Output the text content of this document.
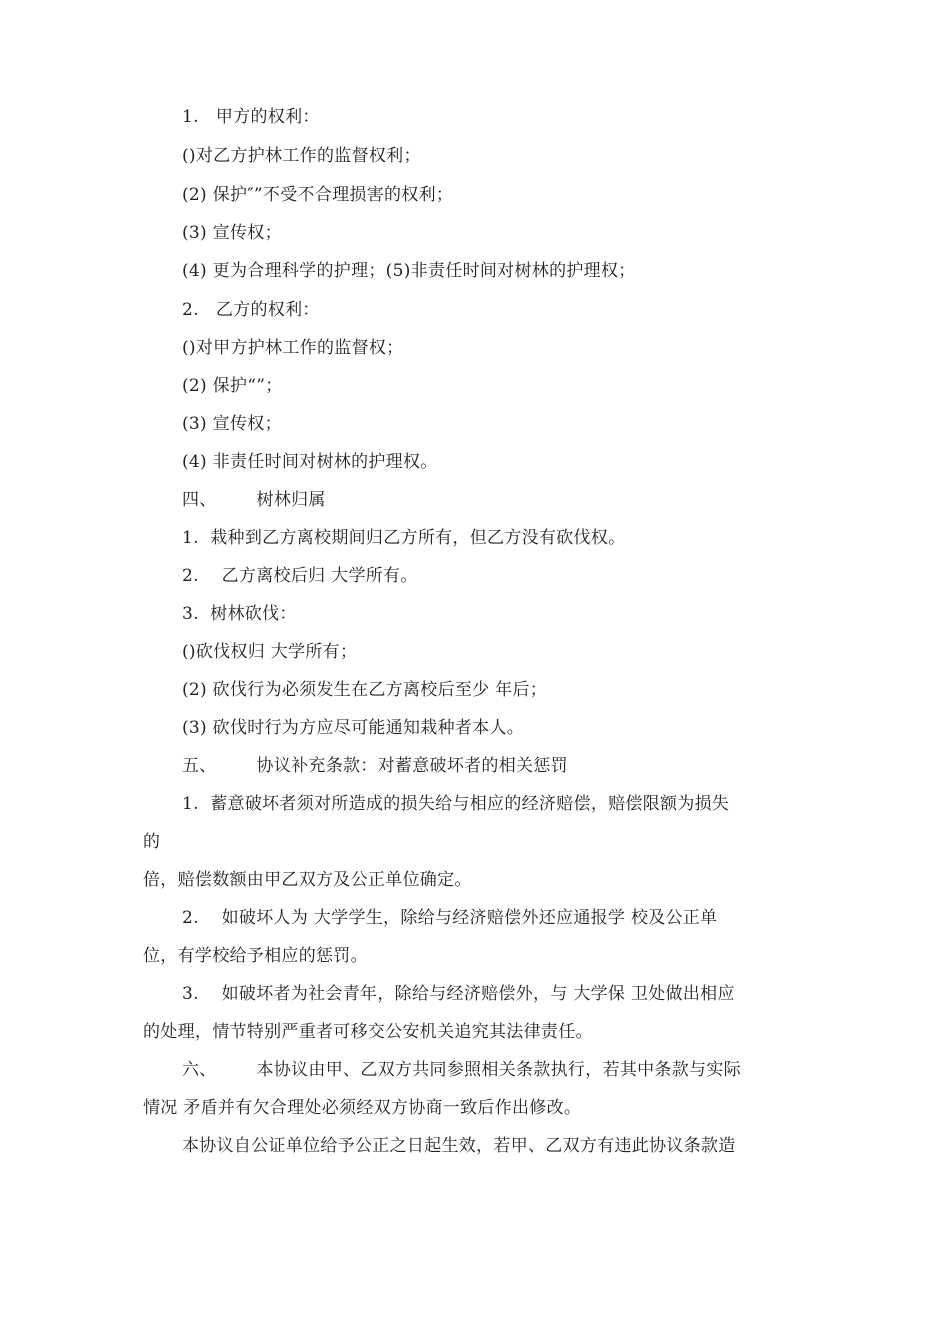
1.   甲方的权利：
()对乙方护林工作的监督权利；
(2) 保护″”不受不合理损害的权利；
(3) 宣传权；
(4) 更为合理科学的护理；(5)非责任时间对树林的护理权；
2.   乙方的权利：
()对甲方护林工作的监督权；
(2) 保护“”；
(3) 宣传权；
(4) 非责任时间对树林的护理权。
四、       树林归属
1.  栽种到乙方离校期间归乙方所有，但乙方没有砍伐权。
2.    乙方离校后归 大学所有。
3.  树林砍伐：
()砍伐权归 大学所有；
(2) 砍伐行为必须发生在乙方离校后至少 年后；
(3) 砍伐时行为方应尽可能通知栽种者本人。
五、       协议补充条款：对蓄意破坏者的相关惩罚
1.  蓄意破坏者须对所造成的损失给与相应的经济赔偿，赔偿限额为损失
的
倍，赔偿数额由甲乙双方及公正单位确定。
2.    如破坏人为 大学学生，除给与经济赔偿外还应通报学 校及公正单
位，有学校给予相应的惩罚。
3.    如破坏者为社会青年，除给与经济赔偿外，与 大学保 卫处做出相应
的处理，情节特别严重者可移交公安机关追究其法律责任。
六、       本协议由甲、乙双方共同参照相关条款执行，若其中条款与实际
情况 矛盾并有欠合理处必须经双方协商一致后作出修改。
本协议自公证单位给予公正之日起生效，若甲、乙双方有违此协议条款造
